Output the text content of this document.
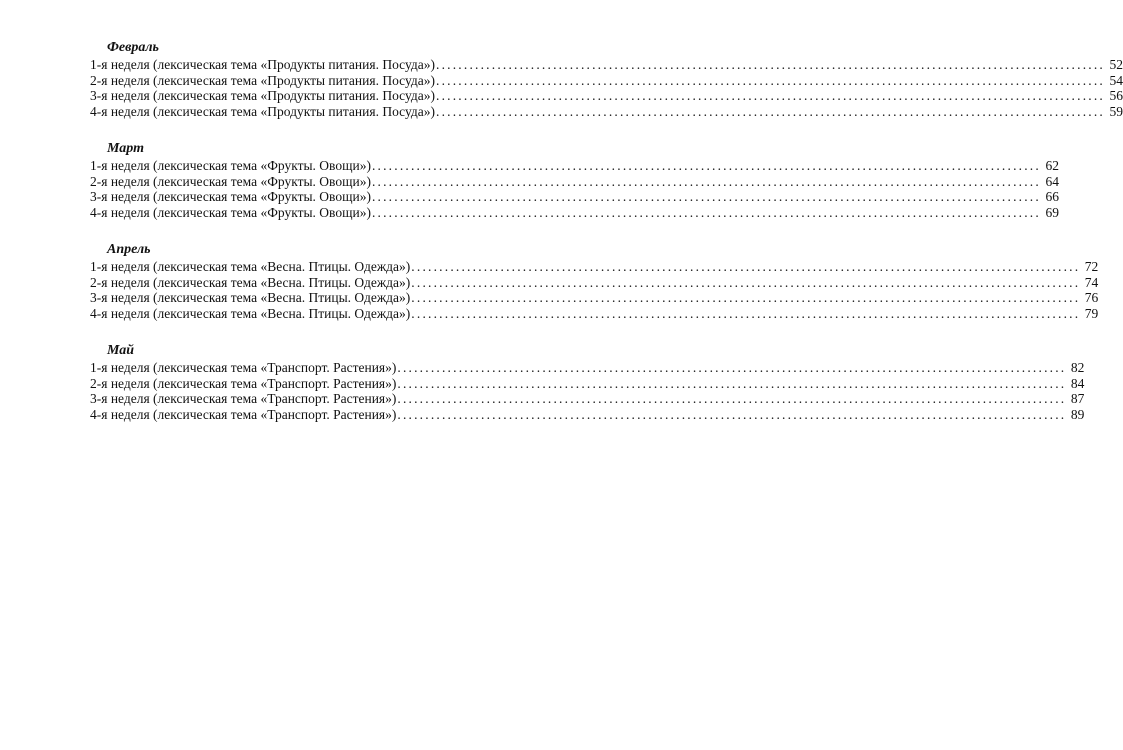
Февраль
1-я неделя (лексическая тема «Продукты питания. Посуда») ........................................................................................................................ 52
2-я неделя (лексическая тема «Продукты питания. Посуда») ........................................................................................................................ 54
3-я неделя (лексическая тема «Продукты питания. Посуда») ........................................................................................................................ 56
4-я неделя (лексическая тема «Продукты питания. Посуда») ........................................................................................................................ 59
Март
1-я неделя (лексическая тема «Фрукты. Овощи») ........................................................................................................................ 62
2-я неделя (лексическая тема «Фрукты. Овощи») ........................................................................................................................ 64
3-я неделя (лексическая тема «Фрукты. Овощи») ........................................................................................................................ 66
4-я неделя (лексическая тема «Фрукты. Овощи») ........................................................................................................................ 69
Апрель
1-я неделя (лексическая тема «Весна. Птицы. Одежда») ........................................................................................................................ 72
2-я неделя (лексическая тема «Весна. Птицы. Одежда») ........................................................................................................................ 74
3-я неделя (лексическая тема «Весна. Птицы. Одежда») ........................................................................................................................ 76
4-я неделя (лексическая тема «Весна. Птицы. Одежда») ........................................................................................................................ 79
Май
1-я неделя (лексическая тема «Транспорт. Растения») ........................................................................................................................ 82
2-я неделя (лексическая тема «Транспорт. Растения») ........................................................................................................................ 84
3-я неделя (лексическая тема «Транспорт. Растения») ........................................................................................................................ 87
4-я неделя (лексическая тема «Транспорт. Растения») ........................................................................................................................ 89
